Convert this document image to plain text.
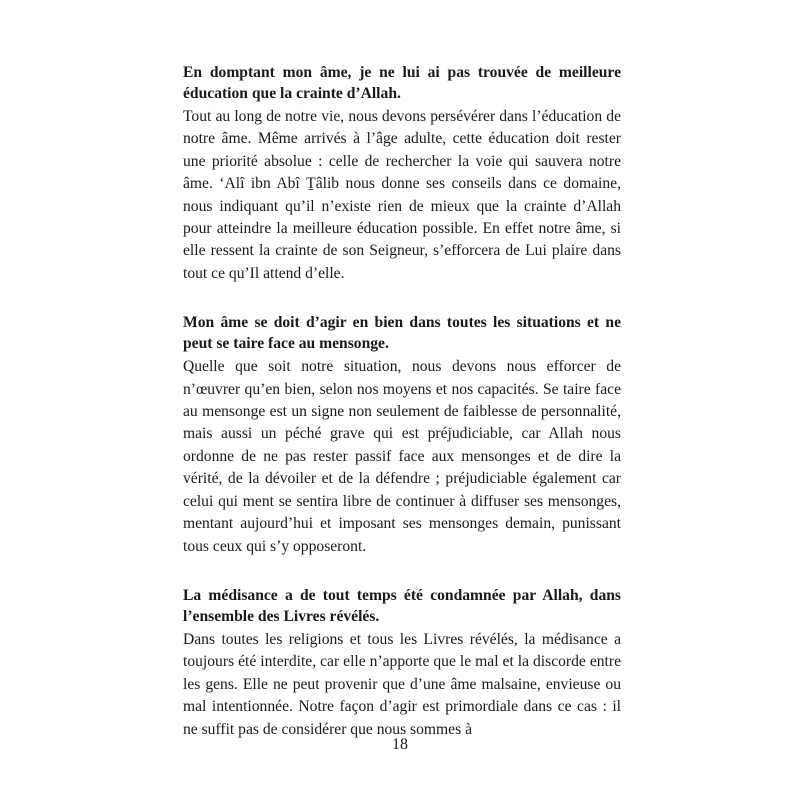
En domptant mon âme, je ne lui ai pas trouvée de meilleure éducation que la crainte d’Allah.

Tout au long de notre vie, nous devons persévérer dans l’éducation de notre âme. Même arrivés à l’âge adulte, cette éducation doit rester une priorité absolue : celle de rechercher la voie qui sauvera notre âme. ‘Alî ibn Abî Ṯâlib nous donne ses conseils dans ce domaine, nous indiquant qu’il n’existe rien de mieux que la crainte d’Allah pour atteindre la meilleure éducation possible. En effet notre âme, si elle ressent la crainte de son Seigneur, s’efforcera de Lui plaire dans tout ce qu’Il attend d’elle.

Mon âme se doit d’agir en bien dans toutes les situations et ne peut se taire face au mensonge.

Quelle que soit notre situation, nous devons nous efforcer de n’œuvrer qu’en bien, selon nos moyens et nos capacités. Se taire face au mensonge est un signe non seulement de faiblesse de personnalité, mais aussi un péché grave qui est préjudiciable, car Allah nous ordonne de ne pas rester passif face aux mensonges et de dire la vérité, de la dévoiler et de la défendre ; préjudiciable également car celui qui ment se sentira libre de continuer à diffuser ses mensonges, mentant aujourd’hui et imposant ses mensonges demain, punissant tous ceux qui s’y opposeront.

La médisance a de tout temps été condamnée par Allah, dans l’ensemble des Livres révélés.

Dans toutes les religions et tous les Livres révélés, la médisance a toujours été interdite, car elle n’apporte que le mal et la discorde entre les gens. Elle ne peut provenir que d’une âme malsaine, envieuse ou mal intentionnée. Notre façon d’agir est primordiale dans ce cas : il ne suffit pas de considérer que nous sommes à

18
